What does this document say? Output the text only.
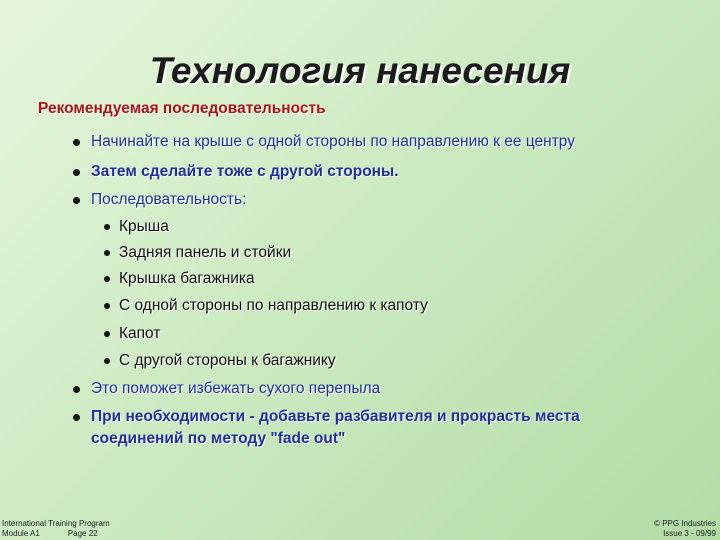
Технология нанесения
Рекомендуемая последовательность
Начинайте на крыше с одной стороны по направлению к ее центру
Затем сделайте тоже с другой стороны.
Последовательность:
Крыша
Задняя панель и стойки
Крышка багажника
С одной стороны по направлению к капоту
Капот
С другой стороны к багажнику
Это поможет избежать сухого перепыла
При необходимости - добавьте разбавителя и прокрасть места
соединений по методу "fade out"
International Training Program
Module A1	Page 22
© PPG Industries
Issue 3 - 09/99
